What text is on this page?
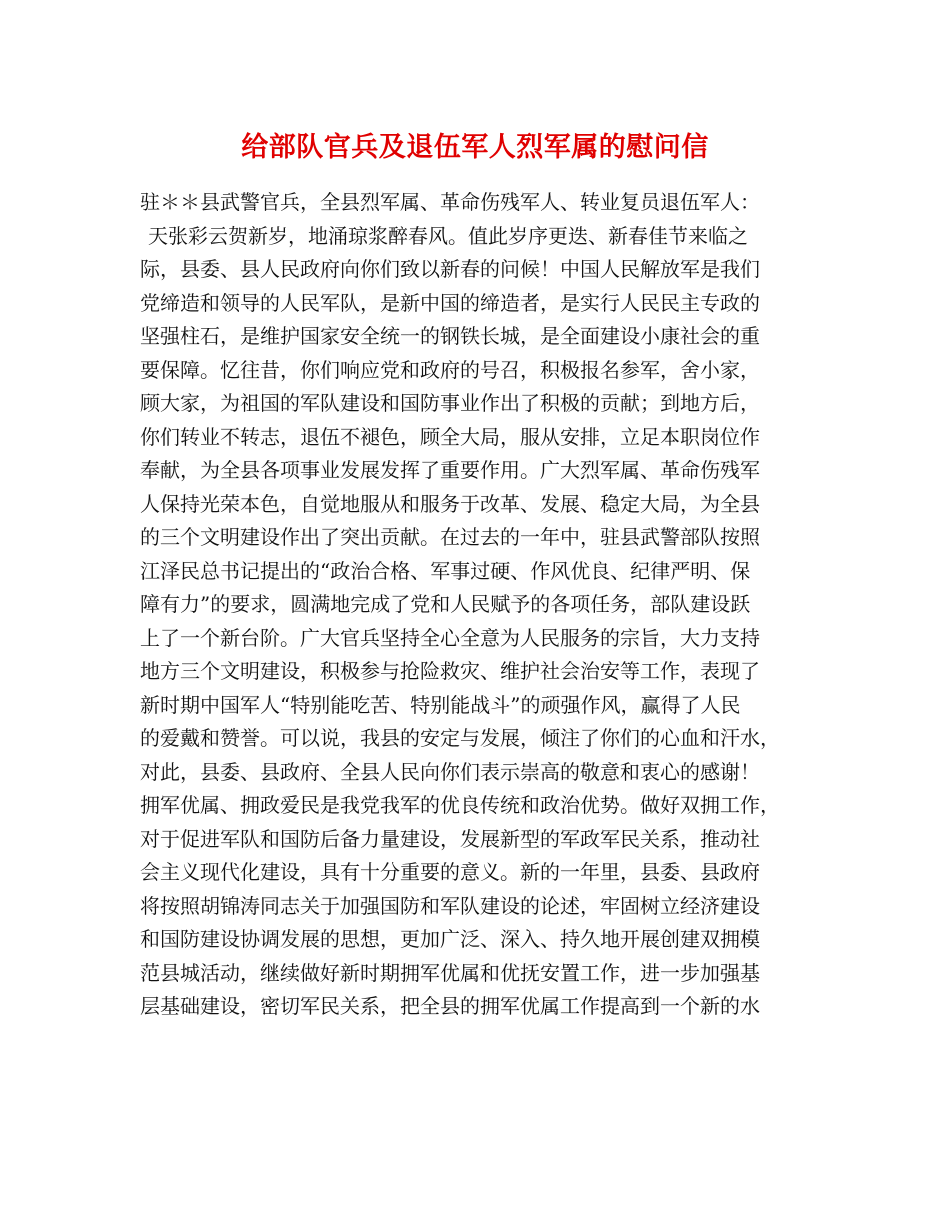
给部队官兵及退伍军人烈军属的慰问信
驻＊＊县武警官兵，全县烈军属、革命伤残军人、转业复员退伍军人：
天张彩云贺新岁，地涌琼浆醉春风。值此岁序更迭、新春佳节来临之
际，县委、县人民政府向你们致以新春的问候！中国人民解放军是我们
党缔造和领导的人民军队，是新中国的缔造者，是实行人民民主专政的
坚强柱石，是维护国家安全统一的钢铁长城，是全面建设小康社会的重
要保障。忆往昔，你们响应党和政府的号召，积极报名参军，舍小家，
顾大家，为祖国的军队建设和国防事业作出了积极的贡献；到地方后，
你们转业不转志，退伍不褪色，顾全大局，服从安排，立足本职岗位作
奉献，为全县各项事业发展发挥了重要作用。广大烈军属、革命伤残军
人保持光荣本色，自觉地服从和服务于改革、发展、稳定大局，为全县
的三个文明建设作出了突出贡献。在过去的一年中，驻县武警部队按照
江泽民总书记提出的“政治合格、军事过硬、作风优良、纪律严明、保
障有力”的要求，圆满地完成了党和人民赋予的各项任务，部队建设跃
上了一个新台阶。广大官兵坚持全心全意为人民服务的宗旨，大力支持
地方三个文明建设，积极参与抢险救灾、维护社会治安等工作，表现了
新时期中国军人“特别能吃苦、特别能战斗”的顽强作风，赢得了人民
的爱戴和赞誉。可以说，我县的安定与发展，倾注了你们的心血和汗水，
对此，县委、县政府、全县人民向你们表示崇高的敬意和衷心的感谢！
拥军优属、拥政爱民是我党我军的优良传统和政治优势。做好双拥工作，
对于促进军队和国防后备力量建设，发展新型的军政军民关系，推动社
会主义现代化建设，具有十分重要的意义。新的一年里，县委、县政府
将按照胡锦涛同志关于加强国防和军队建设的论述，牢固树立经济建设
和国防建设协调发展的思想，更加广泛、深入、持久地开展创建双拥模
范县城活动，继续做好新时期拥军优属和优抚安置工作，进一步加强基
层基础建设，密切军民关系，把全县的拥军优属工作提高到一个新的水
